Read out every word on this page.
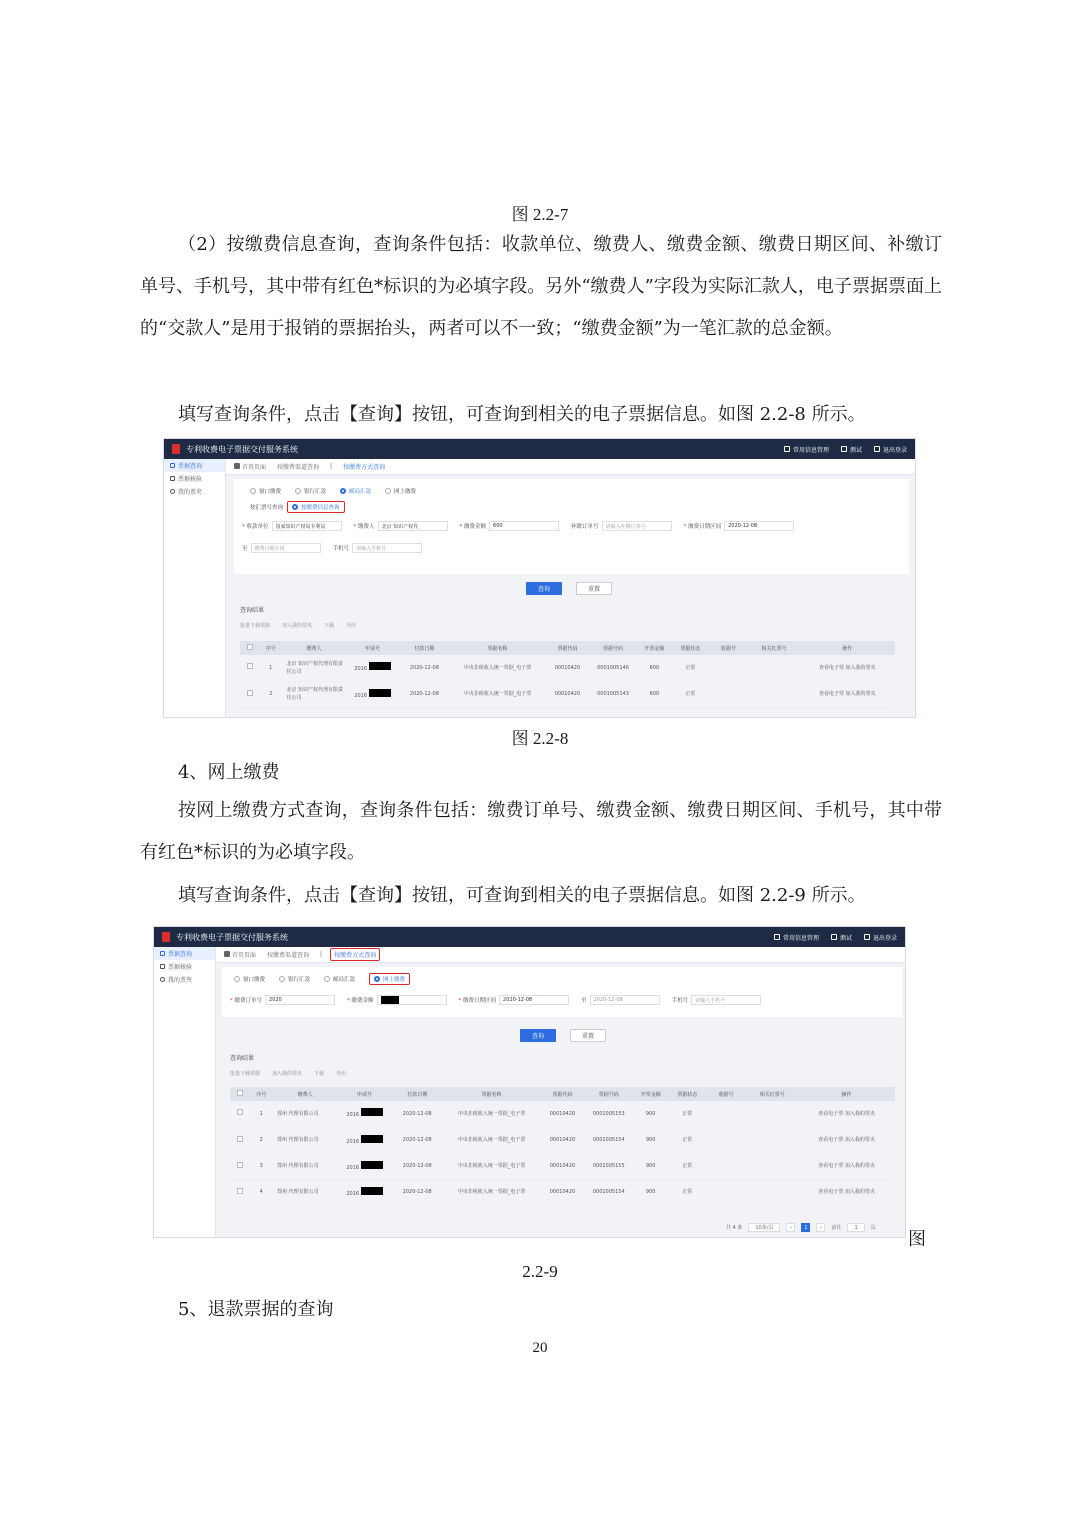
图 2.2-7
（2）按缴费信息查询，查询条件包括：收款单位、缴费人、缴费金额、缴费日期区间、补缴订单号、手机号，其中带有红色*标识的为必填字段。另外“缴费人”字段为实际汇款人，电子票据票面上的“交款人”是用于报销的票据抬头，两者可以不一致；“缴费金额”为一笔汇款的总金额。
填写查询条件，点击【查询】按钮，可查询到相关的电子票据信息。如图 2.2-8 所示。
专利收费电子票据交付服务系统	常用信息管理	测试	退出登录
票据查询
票据核验
我的票夹
首页页面	按缴费渠道查询	|	按缴费方式查询
窗口缴费	银行汇款	邮局汇款	网上缴费
按汇票号查询	按缴费信息查询
* 收款单位	国家知识产权局专利局	* 缴费人	北京 知识产权代	* 缴费金额	600	补缴订单号	请输入补缴订单号	* 缴费日期区间	2020-12-08
至	缴费日期区间	手机号	请输入手机号
查询	重置
查询结果
批量下载票据 加入我的票夹 下载 导出
	序号	缴费人	申请号	付款日期	票据名称	票据代码	票据号码	开票金额	票据状态	收据号	相关红票号	操作
	1	北京 知识产权代理有限责任公司	2016	2020-12-08	中央非税收入统一票据_电子票	00010420	0001005146	600	正常			查看电子票 加入我的票夹
	2	北京 知识产权代理有限责任公司	2016	2020-12-08	中央非税收入统一票据_电子票	00010420	0001005143	600	正常			查看电子票 加入我的票夹
图 2.2-8
4、网上缴费
按网上缴费方式查询，查询条件包括：缴费订单号、缴费金额、缴费日期区间、手机号，其中带有红色*标识的为必填字段。
填写查询条件，点击【查询】按钮，可查询到相关的电子票据信息。如图 2.2-9 所示。
专利收费电子票据交付服务系统	常用信息管理	测试	退出登录
票据查询
票据核验
我的票夹
首页页面	按缴费渠道查询	|	按缴费方式查询
窗口缴费	银行汇款	邮局汇款	网上缴费
* 缴费订单号	2020	* 缴费金额	* 缴费日期区间	2020-12-08	至	2020-12-08	手机号	请输入手机号
查询	重置
查询结果
批量下载票据 加入我的票夹 下载 导出
	序号	缴费人	申请号	付款日期	票据名称	票据代码	票据号码	开票金额	票据状态	收据号	相关红票号	操作
	1	郑州 代理有限公司	2016	2020-12-08	中央非税收入统一票据_电子票	00010420	0001005153	900	正常			查看电子票 加入我的票夹
	2	郑州 代理有限公司	2016	2020-12-08	中央非税收入统一票据_电子票	00010420	0001005154	900	正常			查看电子票 加入我的票夹
	3	郑州 代理有限公司	2016	2020-12-08	中央非税收入统一票据_电子票	00010420	0001005155	900	正常			查看电子票 加入我的票夹
	4	郑州 代理有限公司	2016	2020-12-08	中央非税收入统一票据_电子票	00010420	0001005154	900	正常			查看电子票 加入我的票夹
共 4 条	10条/页	‹	1	›	前往	1	页
图
2.2-9
5、退款票据的查询
20
